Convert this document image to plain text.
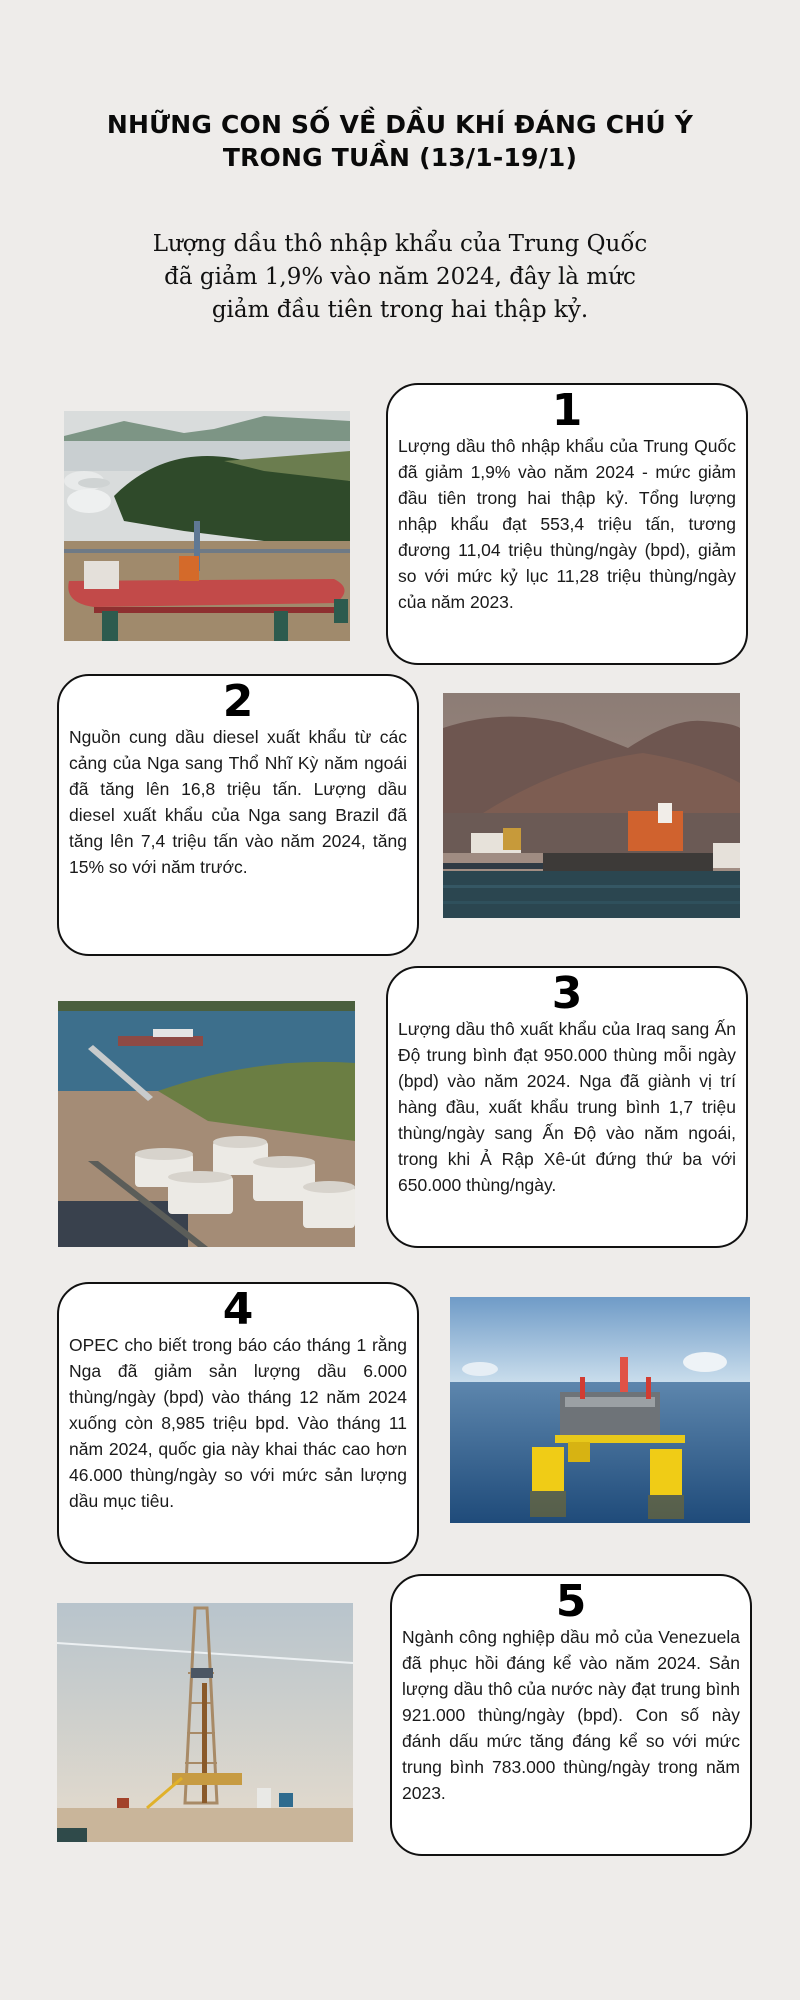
NHỮNG CON SỐ VỀ DẦU KHÍ ĐÁNG CHÚ Ý
TRONG TUẦN (13/1-19/1)
Lượng dầu thô nhập khẩu của Trung Quốc
đã giảm 1,9% vào năm 2024, đây là mức
giảm đầu tiên trong hai thập kỷ.
1
Lượng dầu thô nhập khẩu của Trung Quốc đã giảm 1,9% vào năm 2024 - mức giảm đầu tiên trong hai thập kỷ. Tổng lượng nhập khẩu đạt 553,4 triệu tấn, tương đương 11,04 triệu thùng/ngày (bpd), giảm so với mức kỷ lục 11,28 triệu thùng/ngày của năm 2023.
2
Nguồn cung dầu diesel xuất khẩu từ các cảng của Nga sang Thổ Nhĩ Kỳ năm ngoái đã tăng lên 16,8 triệu tấn. Lượng dầu diesel xuất khẩu của Nga sang Brazil đã tăng lên 7,4 triệu tấn vào năm 2024, tăng 15% so với năm trước.
3
Lượng dầu thô xuất khẩu của Iraq sang Ấn Độ trung bình đạt 950.000 thùng mỗi ngày (bpd) vào năm 2024. Nga đã giành vị trí hàng đầu, xuất khẩu trung bình 1,7 triệu thùng/ngày sang Ấn Độ vào năm ngoái, trong khi Ả Rập Xê-út đứng thứ ba với 650.000 thùng/ngày.
4
OPEC cho biết trong báo cáo tháng 1 rằng Nga đã giảm sản lượng dầu 6.000 thùng/ngày (bpd) vào tháng 12 năm 2024 xuống còn 8,985 triệu bpd. Vào tháng 11 năm 2024, quốc gia này khai thác cao hơn 46.000 thùng/ngày so với mức sản lượng dầu mục tiêu.
5
Ngành công nghiệp dầu mỏ của Venezuela đã phục hồi đáng kể vào năm 2024. Sản lượng dầu thô của nước này đạt trung bình 921.000 thùng/ngày (bpd). Con số này đánh dấu mức tăng đáng kể so với mức trung bình 783.000 thùng/ngày trong năm 2023.
